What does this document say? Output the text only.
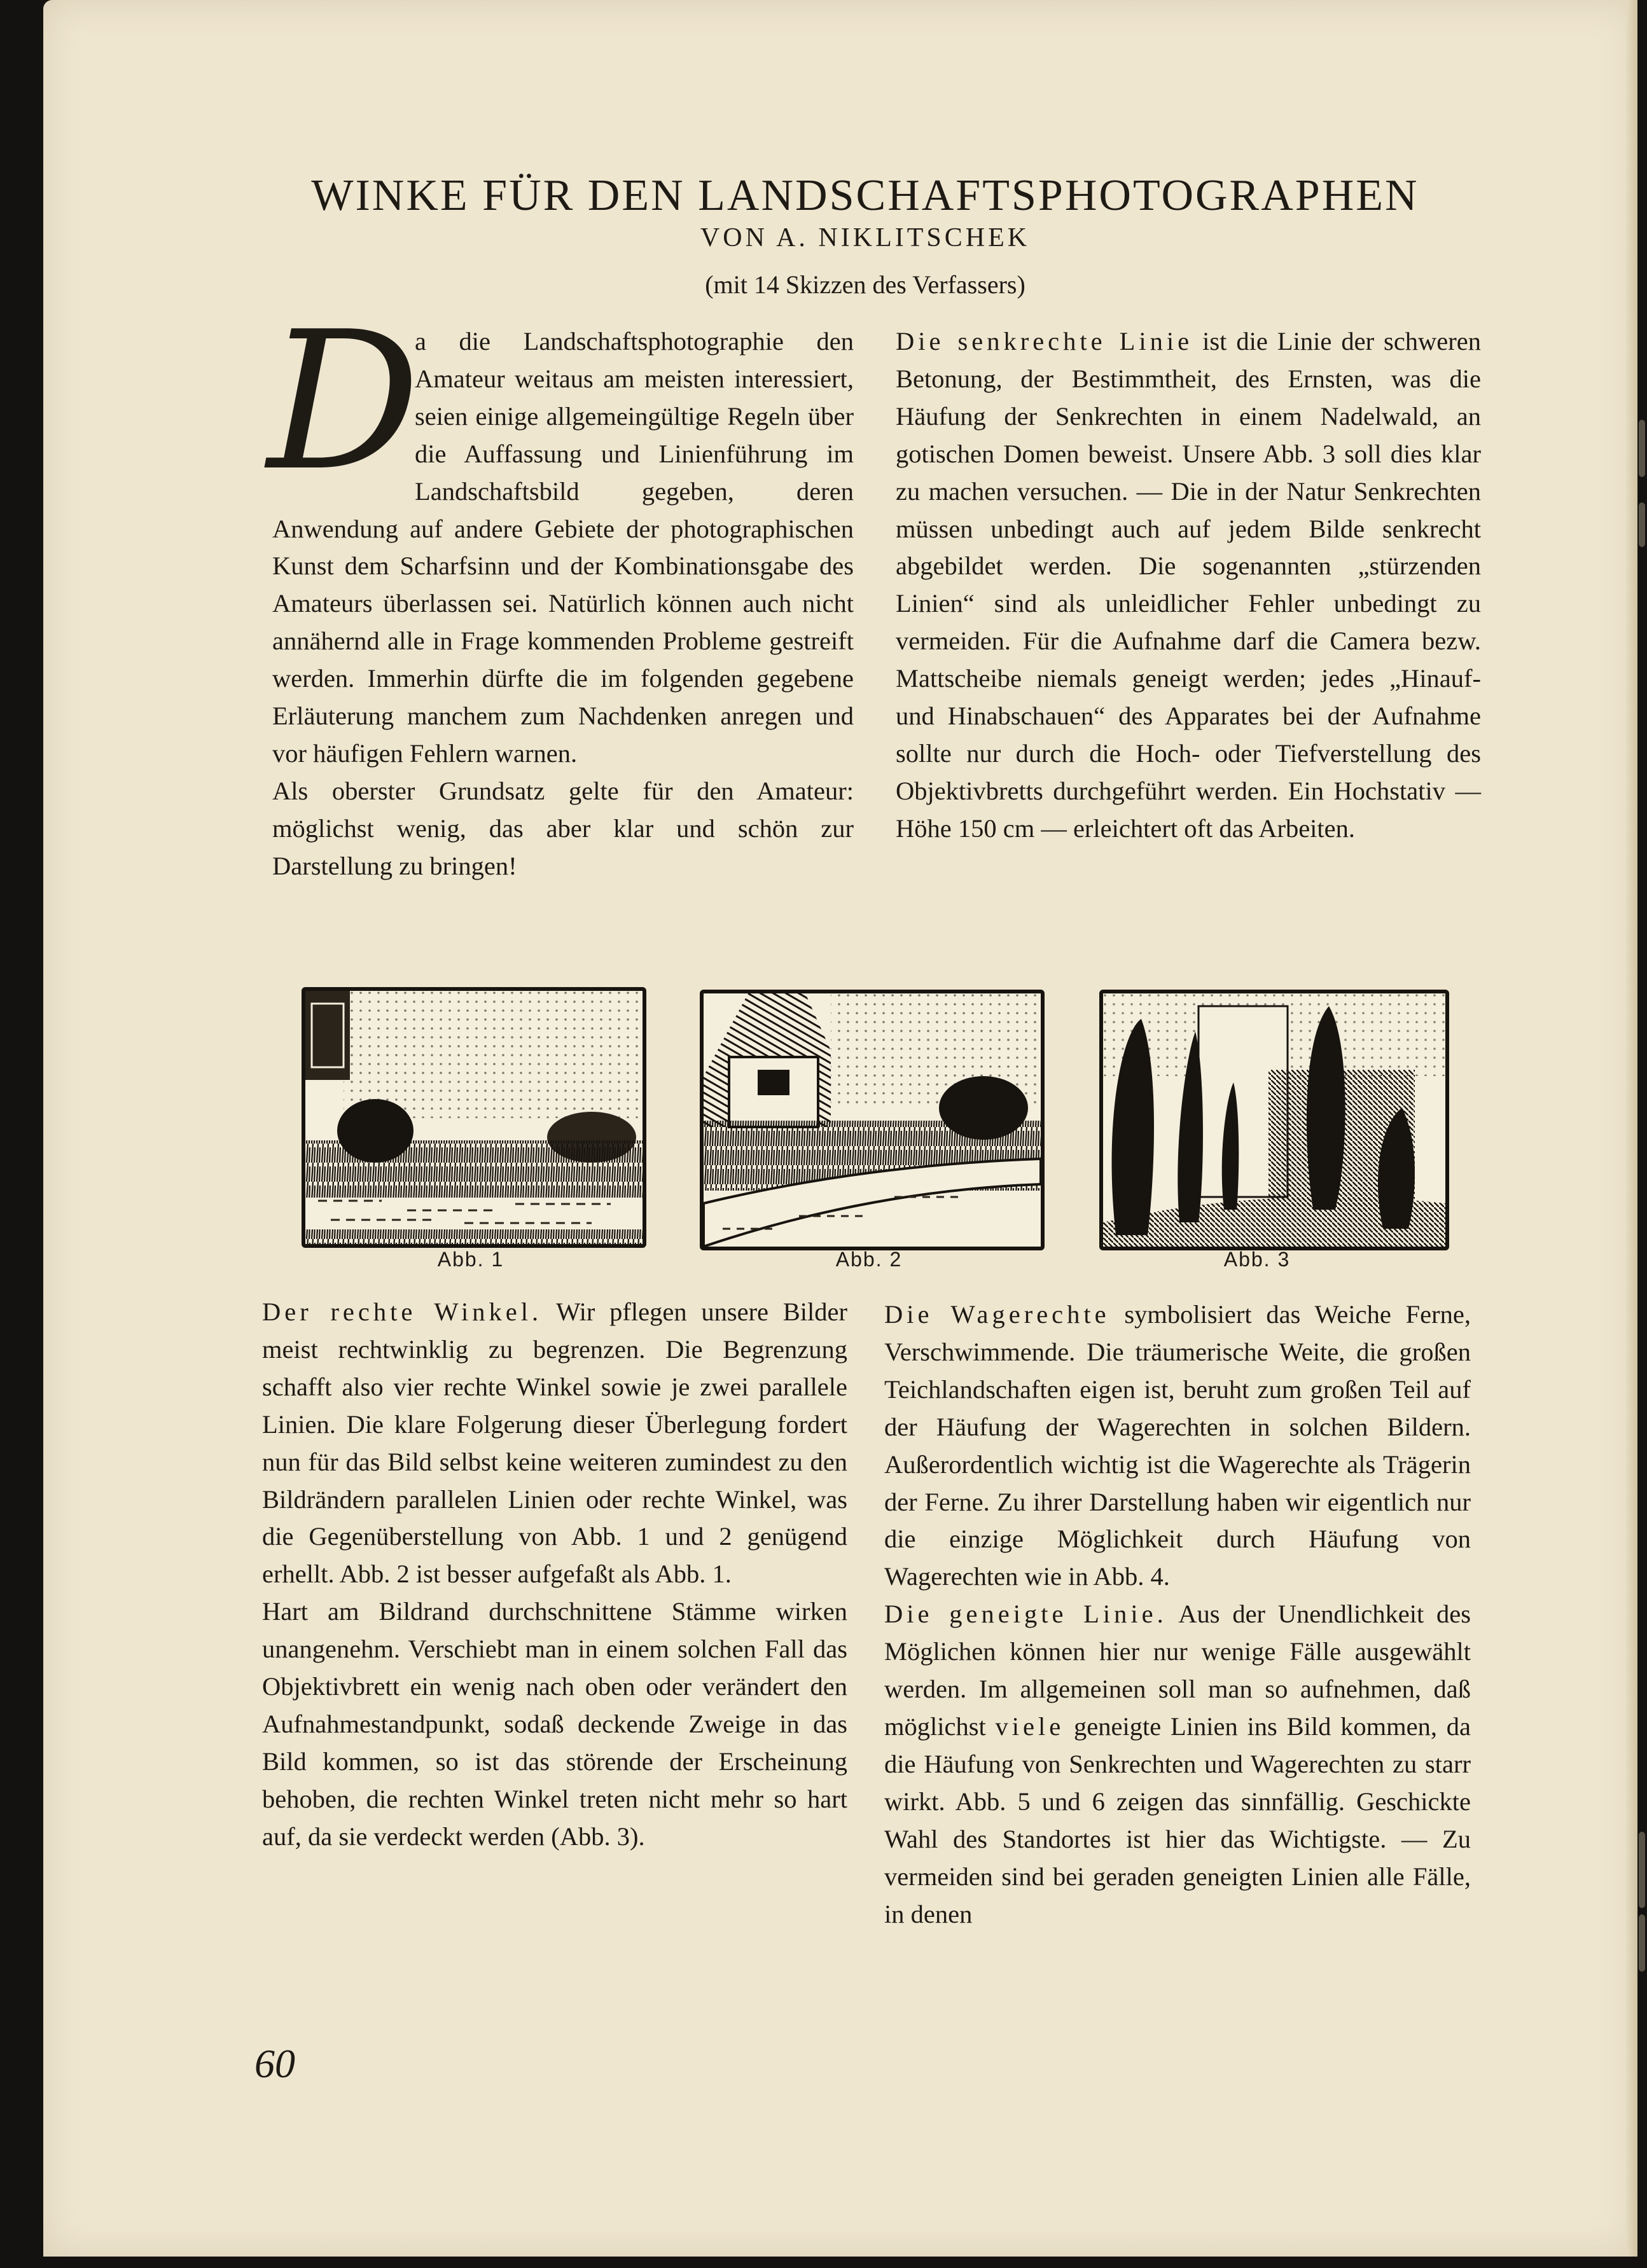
WINKE FÜR DEN LANDSCHAFTSPHOTOGRAPHEN
VON A. NIKLITSCHEK
(mit 14 Skizzen des Verfassers)

D
a die Landschaftsphotographie den Amateur weitaus am meisten interessiert, seien einige allgemeingültige Regeln über die Auffassung und Linienführung im Landschaftsbild gegeben, deren Anwendung auf andere Gebiete der photographischen Kunst dem Scharfsinn und der Kombinationsgabe des Amateurs überlassen sei. Natürlich können auch nicht annähernd alle in Frage kommenden Probleme gestreift werden. Immerhin dürfte die im folgenden gegebene Erläuterung manchem zum Nachdenken anregen und vor häufigen Fehlern warnen.

Als oberster Grundsatz gelte für den Amateur: möglichst wenig, das aber klar und schön zur Darstellung zu bringen!

Die senkrechte Linie ist die Linie der schweren Betonung, der Bestimmtheit, des Ernsten, was die Häufung der Senkrechten in einem Nadelwald, an gotischen Domen beweist. Unsere Abb. 3 soll dies klar zu machen versuchen. — Die in der Natur Senkrechten müssen unbedingt auch auf jedem Bilde senkrecht abgebildet werden. Die sogenannten „stürzenden Linien“ sind als unleidlicher Fehler unbedingt zu vermeiden. Für die Aufnahme darf die Camera bezw. Mattscheibe niemals geneigt werden; jedes „Hinauf- und Hinabschauen“ des Apparates bei der Aufnahme sollte nur durch die Hoch- oder Tiefverstellung des Objektivbretts durchgeführt werden. Ein Hochstativ — Höhe 150 cm — erleichtert oft das Arbeiten.

Abb. 1	Abb. 2	Abb. 3

Der rechte Winkel. Wir pflegen unsere Bilder meist rechtwinklig zu begrenzen. Die Begrenzung schafft also vier rechte Winkel sowie je zwei parallele Linien. Die klare Folgerung dieser Überlegung fordert nun für das Bild selbst keine weiteren zumindest zu den Bildrändern parallelen Linien oder rechte Winkel, was die Gegenüberstellung von Abb. 1 und 2 genügend erhellt. Abb. 2 ist besser aufgefaßt als Abb. 1.

Hart am Bildrand durchschnittene Stämme wirken unangenehm. Verschiebt man in einem solchen Fall das Objektivbrett ein wenig nach oben oder verändert den Aufnahmestandpunkt, sodaß deckende Zweige in das Bild kommen, so ist das störende der Erscheinung behoben, die rechten Winkel treten nicht mehr so hart auf, da sie verdeckt werden (Abb. 3).

Die Wagerechte symbolisiert das Weiche Ferne, Verschwimmende. Die träumerische Weite, die großen Teichlandschaften eigen ist, beruht zum großen Teil auf der Häufung der Wagerechten in solchen Bildern. Außerordentlich wichtig ist die Wagerechte als Trägerin der Ferne. Zu ihrer Darstellung haben wir eigentlich nur die einzige Möglichkeit durch Häufung von Wagerechten wie in Abb. 4.

Die geneigte Linie. Aus der Unendlichkeit des Möglichen können hier nur wenige Fälle ausgewählt werden. Im allgemeinen soll man so aufnehmen, daß möglichst viele geneigte Linien ins Bild kommen, da die Häufung von Senkrechten und Wagerechten zu starr wirkt. Abb. 5 und 6 zeigen das sinnfällig. Geschickte Wahl des Standortes ist hier das Wichtigste. — Zu vermeiden sind bei geraden geneigten Linien alle Fälle, in denen

60
